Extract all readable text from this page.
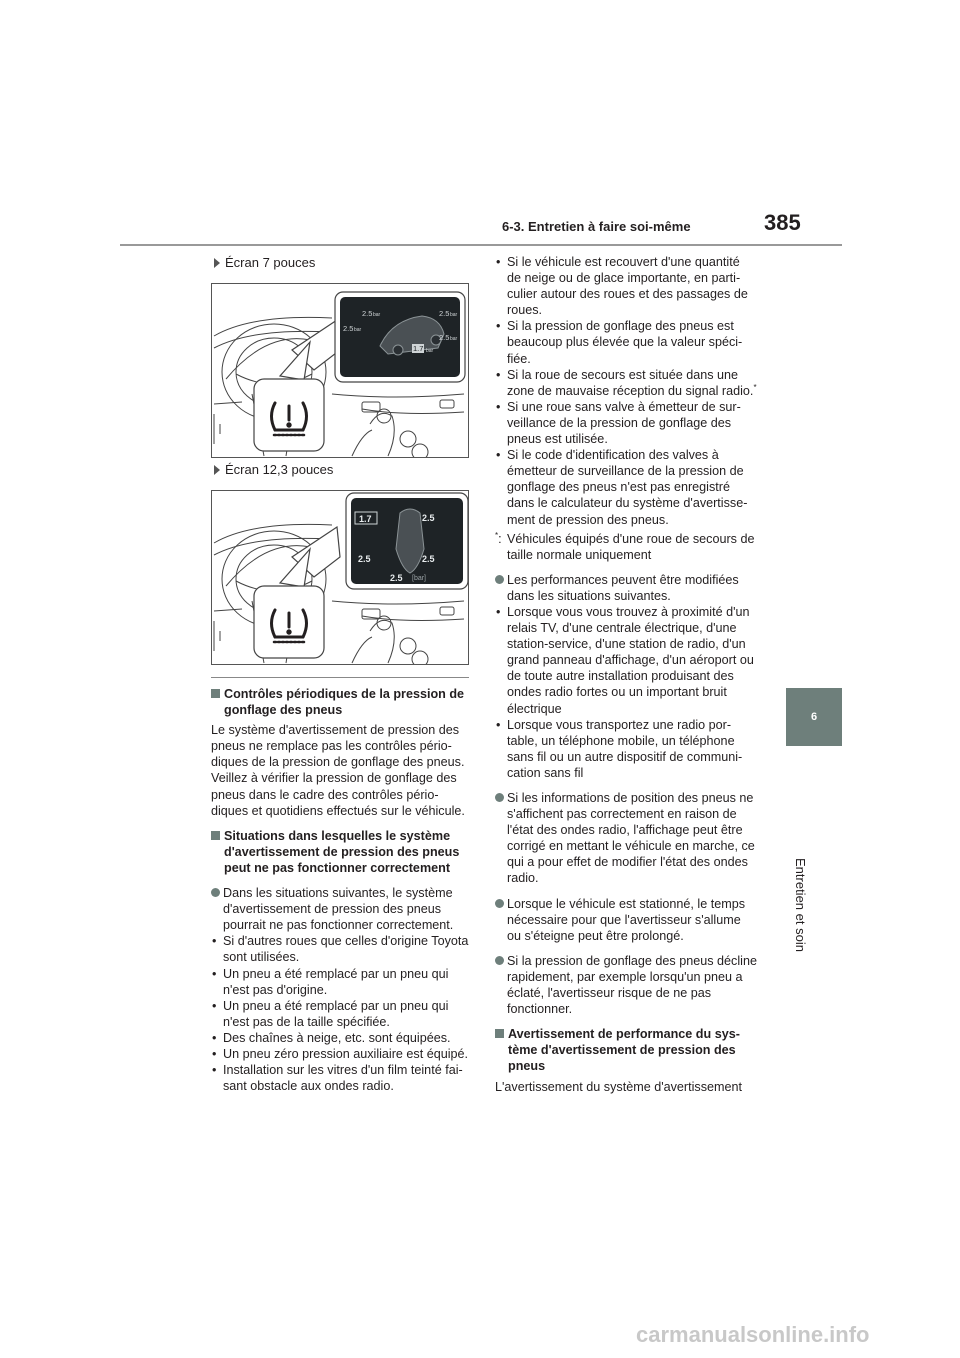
6-3. Entretien à faire soi-même	385
6
Entretien et soin
Écran 7 pouces
2.5 bar	2.5 bar
2.5 bar
2.5 bar
1.7 bar
Écran 12,3 pouces
1.7	2.5
2.5	2.5
2.5 [bar]

Contrôles périodiques de la pression de gonflage des pneus

Le système d'avertissement de pression des pneus ne remplace pas les contrôles pério-diques de la pression de gonflage des pneus. Veillez à vérifier la pression de gonflage des pneus dans le cadre des contrôles pério-diques et quotidiens effectués sur le véhicule.

Situations dans lesquelles le système d'avertissement de pression des pneus peut ne pas fonctionner correctement

Dans les situations suivantes, le système d'avertissement de pression des pneus pourrait ne pas fonctionner correctement.

• Si d'autres roues que celles d'origine Toyota sont utilisées.

• Un pneu a été remplacé par un pneu qui n'est pas d'origine.

• Un pneu a été remplacé par un pneu qui n'est pas de la taille spécifiée.

• Des chaînes à neige, etc. sont équipées.

• Un pneu zéro pression auxiliaire est équipé.

• Installation sur les vitres d'un film teinté fai-sant obstacle aux ondes radio.

• Si le véhicule est recouvert d'une quantité de neige ou de glace importante, en parti-culier autour des roues et des passages de roues.

• Si la pression de gonflage des pneus est beaucoup plus élevée que la valeur spéci-fiée.

• Si la roue de secours est située dans une zone de mauvaise réception du signal radio.*

• Si une roue sans valve à émetteur de sur-veillance de la pression de gonflage des pneus est utilisée.

• Si le code d'identification des valves à émetteur de surveillance de la pression de gonflage des pneus n'est pas enregistré dans le calculateur du système d'avertisse-ment de pression des pneus.

*: Véhicules équipés d'une roue de secours de taille normale uniquement

Les performances peuvent être modifiées dans les situations suivantes.

• Lorsque vous vous trouvez à proximité d'un relais TV, d'une centrale électrique, d'une station-service, d'une station de radio, d'un grand panneau d'affichage, d'un aéroport ou de toute autre installation produisant des ondes radio fortes ou un important bruit électrique

• Lorsque vous transportez une radio por-table, un téléphone mobile, un téléphone sans fil ou un autre dispositif de communi-cation sans fil

Si les informations de position des pneus ne s'affichent pas correctement en raison de l'état des ondes radio, l'affichage peut être corrigé en mettant le véhicule en marche, ce qui a pour effet de modifier l'état des ondes radio.

Lorsque le véhicule est stationné, le temps nécessaire pour que l'avertisseur s'allume ou s'éteigne peut être prolongé.

Si la pression de gonflage des pneus décline rapidement, par exemple lorsqu'un pneu a éclaté, l'avertisseur risque de ne pas fonctionner.

Avertissement de performance du sys-tème d'avertissement de pression des pneus

L'avertissement du système d'avertissement

carmanualsonline.info
